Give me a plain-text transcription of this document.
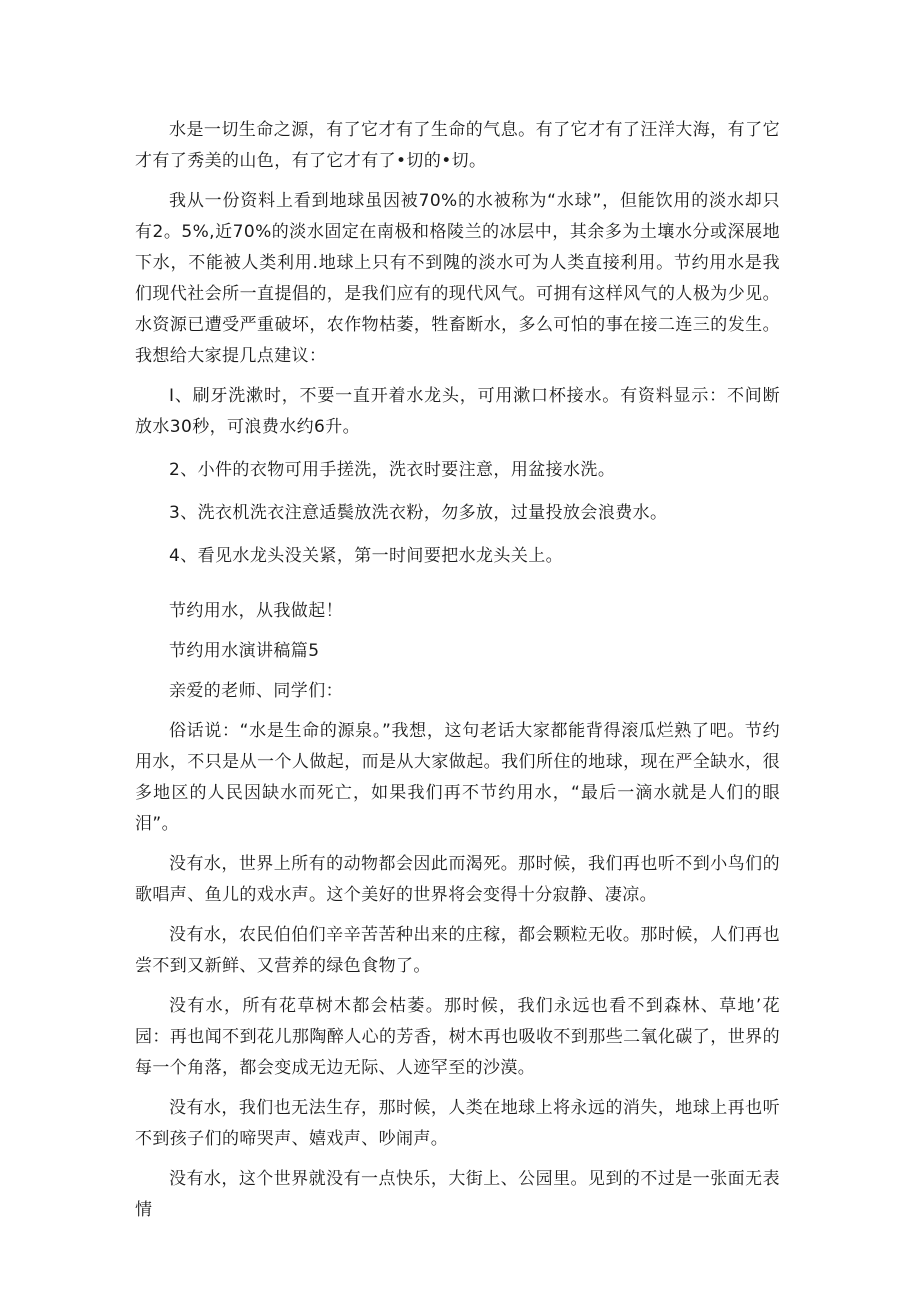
水是一切生命之源，有了它才有了生命的气息。有了它才有了汪洋大海，有了它才有了秀美的山色，有了它才有了•切的•切。

我从一份资料上看到地球虽因被70%的水被称为“水球”，但能饮用的淡水却只有2。5%,近70%的淡水固定在南极和格陵兰的冰层中，其余多为土壤水分或深展地下水，不能被人类利用.地球上只有不到隗的淡水可为人类直接利用。节约用水是我们现代社会所一直提倡的，是我们应有的现代风气。可拥有这样风气的人极为少见。水资源已遭受严重破坏，农作物枯萎，牲畜断水，多么可怕的事在接二连三的发生。我想给大家提几点建议：

I、刷牙洗漱时，不要一直开着水龙头，可用漱口杯接水。有资料显示：不间断放水30秒，可浪费水约6升。

2、小件的衣物可用手搓洗，洗衣时要注意，用盆接水洗。

3、洗衣机洗衣注意适鬓放洗衣粉，勿多放，过量投放会浪费水。

4、看见水龙头没关紧，第一时间要把水龙头关上。

节约用水，从我做起！

节约用水演讲稿篇5

亲爱的老师、同学们：

俗话说：“水是生命的源泉。”我想，这句老话大家都能背得滚瓜烂熟了吧。节约用水，不只是从一个人做起，而是从大家做起。我们所住的地球，现在严全缺水，很多地区的人民因缺水而死亡，如果我们再不节约用水，“最后一滴水就是人们的眼泪”。

没有水，世界上所有的动物都会因此而渴死。那时候，我们再也听不到小鸟们的歌唱声、鱼儿的戏水声。这个美好的世界将会变得十分寂静、凄凉。

没有水，农民伯伯们辛辛苦苦种出来的庄稼，都会颗粒无收。那时候，人们再也尝不到又新鲜、又营养的绿色食物了。

没有水，所有花草树木都会枯萎。那时候，我们永远也看不到森林、草地’花园：再也闻不到花儿那陶醉人心的芳香，树木再也吸收不到那些二氧化碳了，世界的每一个角落，都会变成无边无际、人迹罕至的沙漠。

没有水，我们也无法生存，那时候，人类在地球上将永远的消失，地球上再也听不到孩子们的啼哭声、嬉戏声、吵闹声。

没有水，这个世界就没有一点快乐，大街上、公园里。见到的不过是一张面无表情
